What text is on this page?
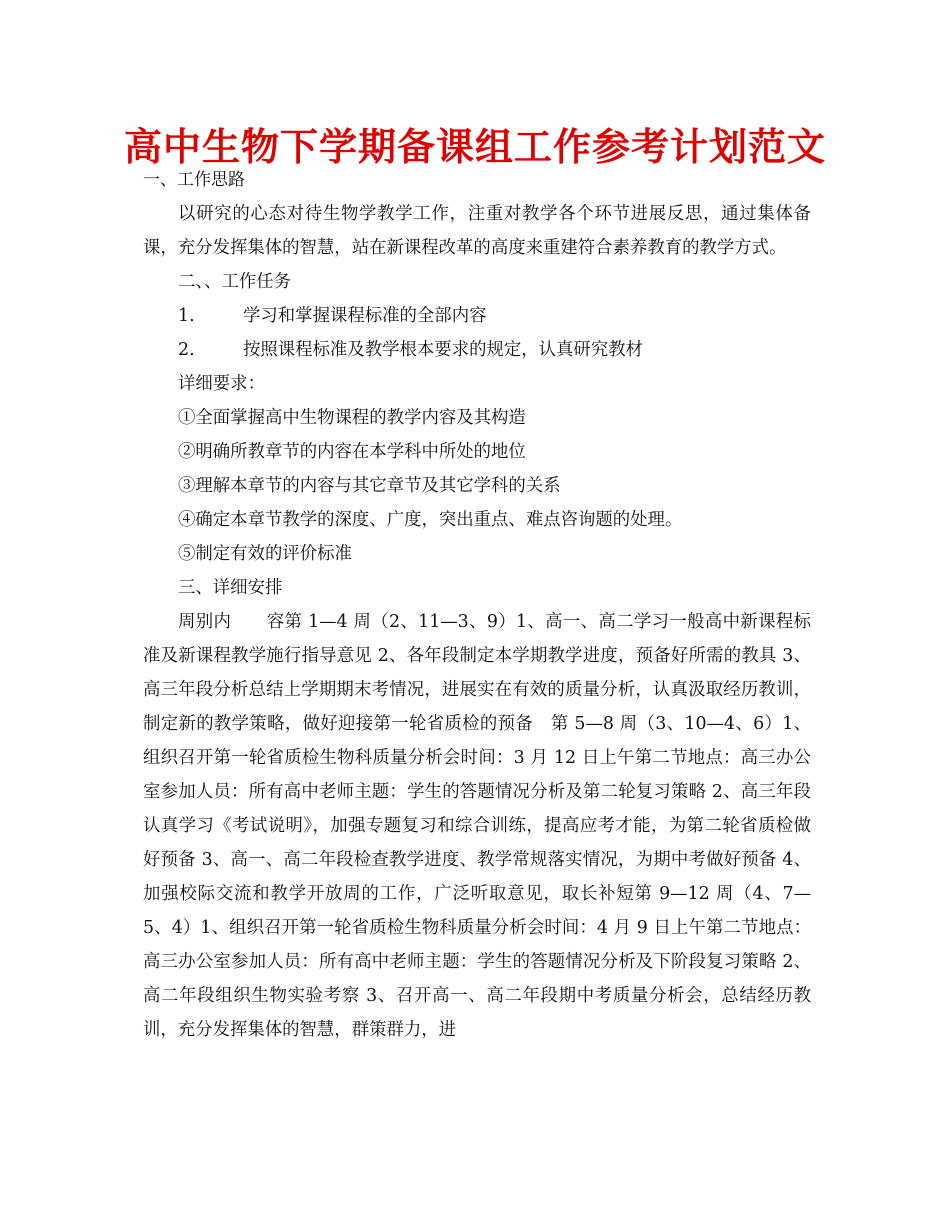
高中生物下学期备课组工作参考计划范文

一、工作思路

以研究的心态对待生物学教学工作，注重对教学各个环节进展反思，通过集体备课，充分发挥集体的智慧，站在新课程改革的高度来重建符合素养教育的教学方式。

二、、工作任务

1.	学习和掌握课程标准的全部内容

2.	按照课程标准及教学根本要求的规定，认真研究教材

详细要求：

①全面掌握高中生物课程的教学内容及其构造

②明确所教章节的内容在本学科中所处的地位

③理解本章节的内容与其它章节及其它学科的关系

④确定本章节教学的深度、广度，突出重点、难点咨询题的处理。

⑤制定有效的评价标准

三、详细安排

周别内　　容第 1—4 周（2、11—3、9）1、高一、高二学习一般高中新课程标准及新课程教学施行指导意见 2、各年段制定本学期教学进度，预备好所需的教具 3、高三年段分析总结上学期期末考情况，进展实在有效的质量分析，认真汲取经历教训，制定新的教学策略，做好迎接第一轮省质检的预备　第 5—8 周（3、10—4、6）1、组织召开第一轮省质检生物科质量分析会时间：3 月 12 日上午第二节地点：高三办公室参加人员：所有高中老师主题：学生的答题情况分析及第二轮复习策略 2、高三年段认真学习《考试说明》，加强专题复习和综合训练，提高应考才能，为第二轮省质检做好预备 3、高一、高二年段检查教学进度、教学常规落实情况，为期中考做好预备 4、加强校际交流和教学开放周的工作，广泛听取意见，取长补短第 9—12 周（4、7—5、4）1、组织召开第一轮省质检生物科质量分析会时间：4 月 9 日上午第二节地点：高三办公室参加人员：所有高中老师主题：学生的答题情况分析及下阶段复习策略 2、高二年段组织生物实验考察 3、召开高一、高二年段期中考质量分析会，总结经历教训，充分发挥集体的智慧，群策群力，进
